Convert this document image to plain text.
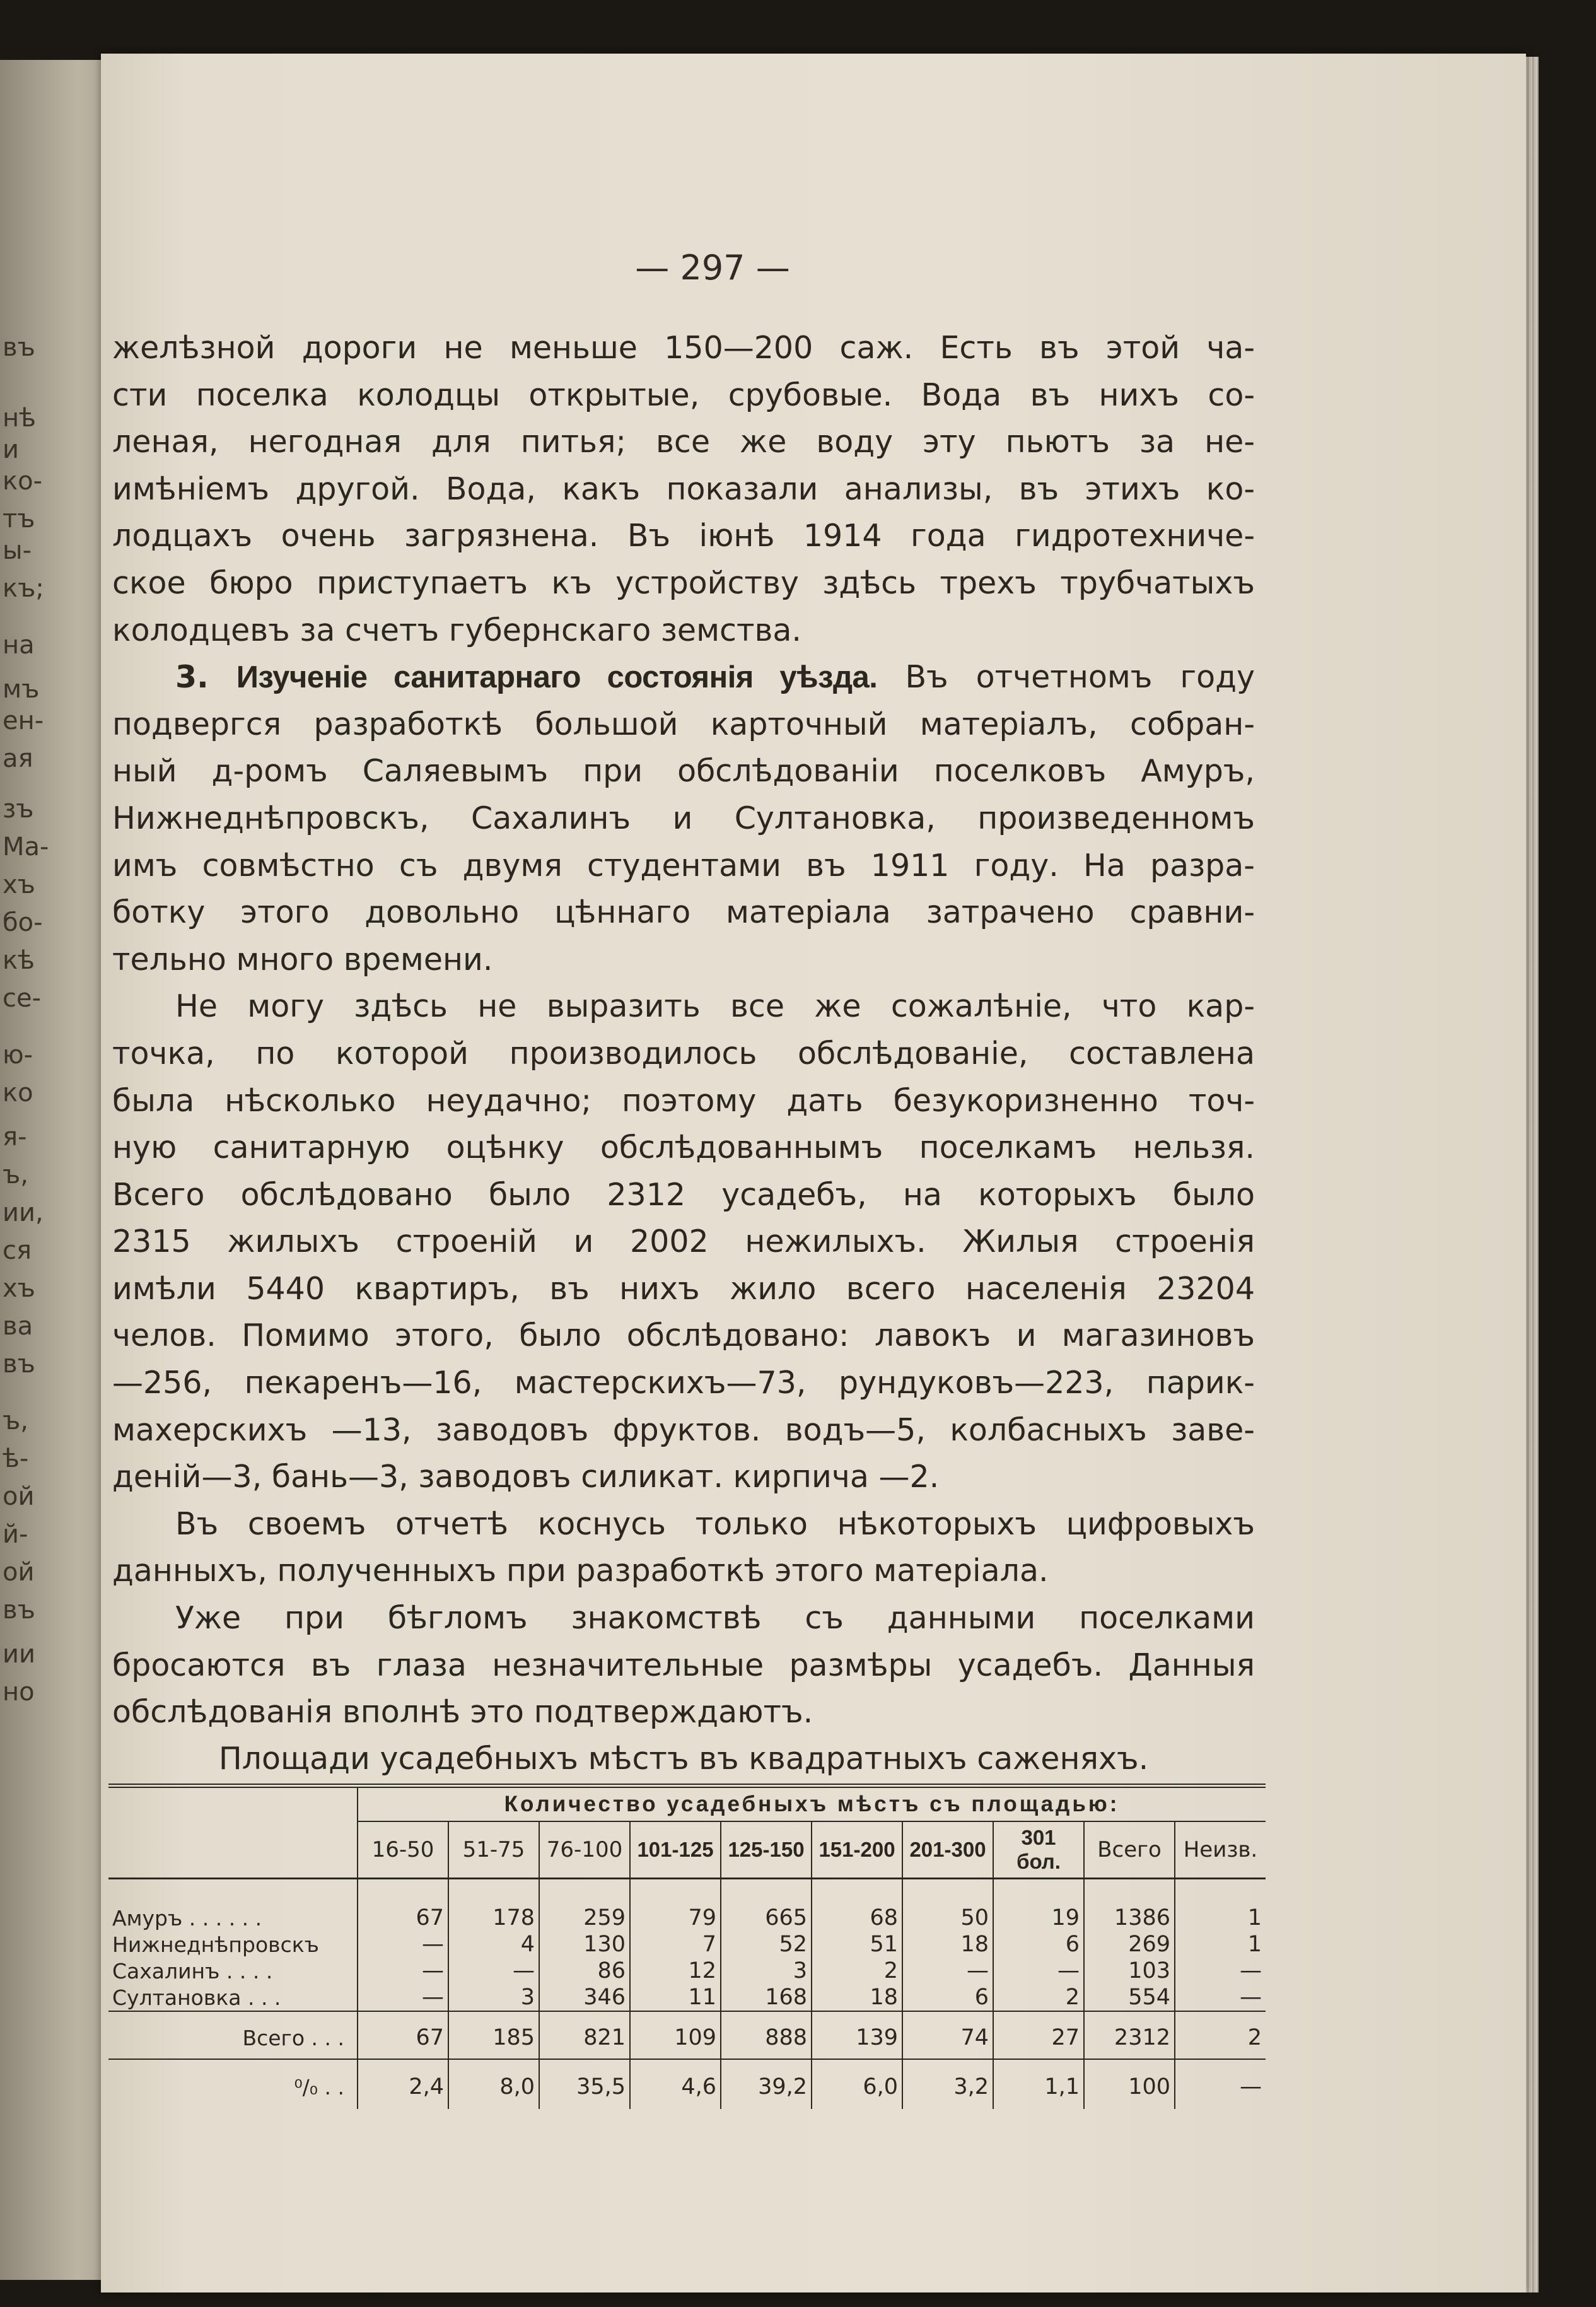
въ
нѣ
и
ко-
тъ
ы-
къ;
на
мъ
ен-
ая
зъ
Ма-
хъ
бо-
кѣ
се-
ю-
ко
я-
ъ,
ии,
ся
хъ
ва
въ
ъ,
ѣ-
ой
й-
ой
въ
ии
но
— 297 —

желѣзной дороги не меньше 150—200 саж. Есть въ этой ча-

сти поселка колодцы открытые, срубовые. Вода въ нихъ со-

леная, негодная для питья; все же воду эту пьютъ за не-

имѣніемъ другой. Вода, какъ показали анализы, въ этихъ ко-

лодцахъ очень загрязнена. Въ іюнѣ 1914 года гидротехниче-

ское бюро приступаетъ къ устройству здѣсь трехъ трубчатыхъ

колодцевъ за счетъ губернскаго земства.

3. Изученіе санитарнаго состоянія уѣзда. Въ отчетномъ году

подвергся разработкѣ большой карточный матеріалъ, собран-

ный д-ромъ Саляевымъ при обслѣдованіи поселковъ Амуръ,

Нижнеднѣпровскъ, Сахалинъ и Султановка, произведенномъ

имъ совмѣстно съ двумя студентами въ 1911 году. На разра-

ботку этого довольно цѣннаго матеріала затрачено сравни-

тельно много времени.

Не могу здѣсь не выразить все же сожалѣніе, что кар-

точка, по которой производилось обслѣдованіе, составлена

была нѣсколько неудачно; поэтому дать безукоризненно точ-

ную санитарную оцѣнку обслѣдованнымъ поселкамъ нельзя.

Всего обслѣдовано было 2312 усадебъ, на которыхъ было

2315 жилыхъ строеній и 2002 нежилыхъ. Жилыя строенія

имѣли 5440 квартиръ, въ нихъ жило всего населенія 23204

челов. Помимо этого, было обслѣдовано: лавокъ и магазиновъ

—256, пекаренъ—16, мастерскихъ—73, рундуковъ—223, парик-

махерскихъ —13, заводовъ фруктов. водъ—5, колбасныхъ заве-

деній—3, бань—3, заводовъ силикат. кирпича —2.

Въ своемъ отчетѣ коснусь только нѣкоторыхъ цифровыхъ

данныхъ, полученныхъ при разработкѣ этого матеріала.

Уже при бѣгломъ знакомствѣ съ данными поселками

бросаются въ глаза незначительные размѣры усадебъ. Данныя

обслѣдованія вполнѣ это подтверждаютъ.

Площади усадебныхъ мѣстъ въ квадратныхъ саженяхъ.
	Количество усадебныхъ мѣстъ съ площадью:									
	16-50	51-75	76-100	101-125	125-150	151-200	201-300	301 бол.	Всего	Неизв.
Амуръ . . . . . .	67	178	259	79	665	68	50	19	1386	1
Нижнеднѣпровскъ	—	4	130	7	52	51	18	6	269	1
Сахалинъ . . . .	—	—	86	12	3	2	—	—	103	—
Султановка . . .	—	3	346	11	168	18	6	2	554	—
Всего . . .	67	185	821	109	888	139	74	27	2312	2
⁰/₀ . .	2,4	8,0	35,5	4,6	39,2	6,0	3,2	1,1	100	—
